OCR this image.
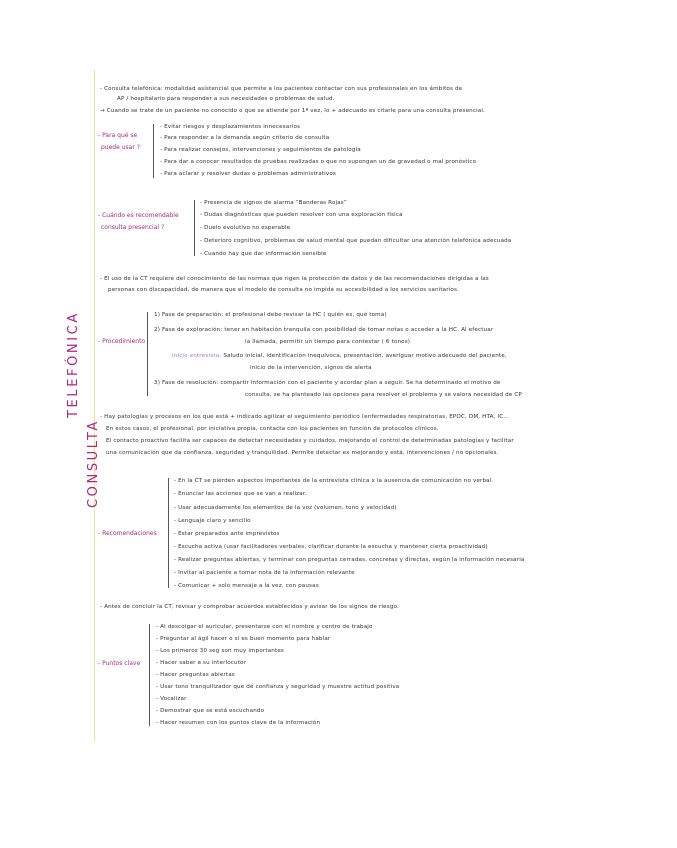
TELEFÓNICA
CONSULTA
- Consulta telefónica: modalidad asistencial que permite a los pacientes contactar con sus profesionales en los ámbitos de
AP / hospitalario para responder a sus necesidades o problemas de salud.
→ Cuando se trate de un paciente no conocido o que se atiende por 1ª vez, lo + adecuado es citarle para una consulta presencial.
- Para qué se
puede usar ?
- Evitar riesgos y desplazamientos innecesarios
- Para responder a la demanda según criterio de consulta
- Para realizar consejos, intervenciones y seguimientos de patología
- Para dar a conocer resultados de pruebas realizadas o que no supongan un de gravedad o mal pronóstico
- Para aclarar y resolver dudas o problemas administrativos
- Cuándo es recomendable
consulta presencial ?
- Presencia de signos de alarma “Banderas Rojas”
- Dudas diagnósticas que pueden resolver con una exploración física
- Duelo evolutivo no esperable
- Deterioro cognitivo, problemas de salud mental que puedan dificultar una atención telefónica adecuada
- Cuando hay que dar información sensible
- El uso de la CT requiere del conocimiento de las normas que rigen la protección de datos y de las recomendaciones dirigidas a las
personas con discapacidad, de manera que el modelo de consulta no impida su accesibilidad a los servicios sanitarios.
- Procedimiento
1) Fase de preparación: el profesional debe revisar la HC ( quién es, qué toma)
2) Fase de exploración: tener en habitación tranquila con posibilidad de tomar notas o acceder a la HC. Al efectuar
la llamada, permitir un tiempo para contestar ( 6 tonos)
Inicio entrevista: Saludo inicial, identificación inequívoca, presentación, averiguar motivo adecuado del paciente,
inicio de la intervención, signos de alerta
3) Fase de resolución: compartir información con el paciente y acordar plan a seguir. Se ha determinado el motivo de
consulta, se ha planteado las opciones para resolver el problema y se valora necesidad de CP
- Hay patologías y procesos en los que está + indicado agilizar el seguimiento periódico (enfermedades respiratorias, EPOC, DM, HTA, IC...
En estos casos, el profesional, por iniciativa propia, contacta con los pacientes en función de protocolos clínicos.
El contacto proactivo facilita ser capaces de detectar necesidades y cuidados, mejorando el control de determinadas patologías y facilitar
una comunicación que da confianza, seguridad y tranquilidad. Permite detectar ex mejorando y está, intervenciones / no opcionales.
- Recomendaciones
- En la CT se pierden aspectos importantes de la entrevista clínica x la ausencia de comunicación no verbal.
- Enunciar las acciones que se van a realizar.
- Usar adecuadamente los elementos de la voz (volumen, tono y velocidad)
- Lenguaje claro y sencillo
- Estar preparados ante imprevistos
- Escucha activa (usar facilitadores verbales, clarificar durante la escucha y mantener cierta proactividad)
- Realizar preguntas abiertas, y terminar con preguntas cerradas, concretas y directas, según la información necesaria
- Invitar al paciente a tomar nota de la información relevante
- Comunicar + solo mensaje a la vez, con pausas
- Antes de concluir la CT, revisar y comprobar acuerdos establecidos y avisar de los signos de riesgo.
- Puntos clave
- Al descolgar el auricular, presentarse con el nombre y centro de trabajo
- Preguntar al ágil hacer o si es buen momento para hablar
- Los primeros 30 seg son muy importantes
- Hacer saber a su interlocutor
- Hacer preguntas abiertas
- Usar tono tranquilizador que dé confianza y seguridad y muestre actitud positiva
- Vocalizar
- Demostrar que se está escuchando
- Hacer resumen con los puntos clave de la información
